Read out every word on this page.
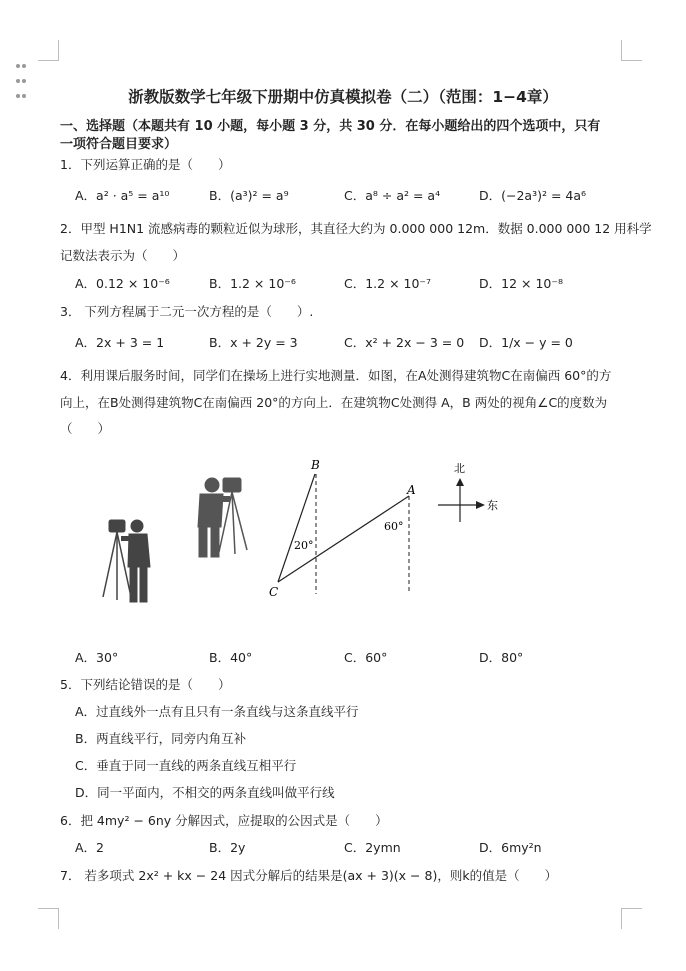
浙教版数学七年级下册期中仿真模拟卷（二）（范围：1−4章）
一、选择题（本题共有 10 小题，每小题 3 分，共 30 分．在每小题给出的四个选项中，只有
一项符合题目要求）
1．下列运算正确的是（　　）
A．a² · a⁵ = a¹⁰	B．(a³)² = a⁹	C．a⁸ ÷ a² = a⁴	D．(−2a³)² = 4a⁶
2．甲型 H1N1 流感病毒的颗粒近似为球形，其直径大约为 0.000 000 12m．数据 0.000 000 12 用科学
记数法表示为（　　）
A．0.12 × 10⁻⁶	B．1.2 × 10⁻⁶	C．1.2 × 10⁻⁷	D．12 × 10⁻⁸
3． 下列方程属于二元一次方程的是（　　）.
A．2x + 3 = 1	B．x + 2y = 3	C．x² + 2x − 3 = 0 D．1/x − y = 0
4．利用课后服务时间，同学们在操场上进行实地测量．如图，在A处测得建筑物C在南偏西 60°的方
向上，在B处测得建筑物C在南偏西 20°的方向上．在建筑物C处测得 A，B 两处的视角∠C的度数为
（　　）
B
A
C
20°
60°
北
东
A．30°	B．40°	C．60°	D．80°
5．下列结论错误的是（　　）
A．过直线外一点有且只有一条直线与这条直线平行
B．两直线平行，同旁内角互补
C．垂直于同一直线的两条直线互相平行
D．同一平面内，不相交的两条直线叫做平行线
6．把 4my² − 6ny 分解因式，应提取的公因式是（　　）
A．2	B．2y	C．2ymn	D．6my²n
7． 若多项式 2x² + kx − 24 因式分解后的结果是(ax + 3)(x − 8)，则k的值是（　　）
